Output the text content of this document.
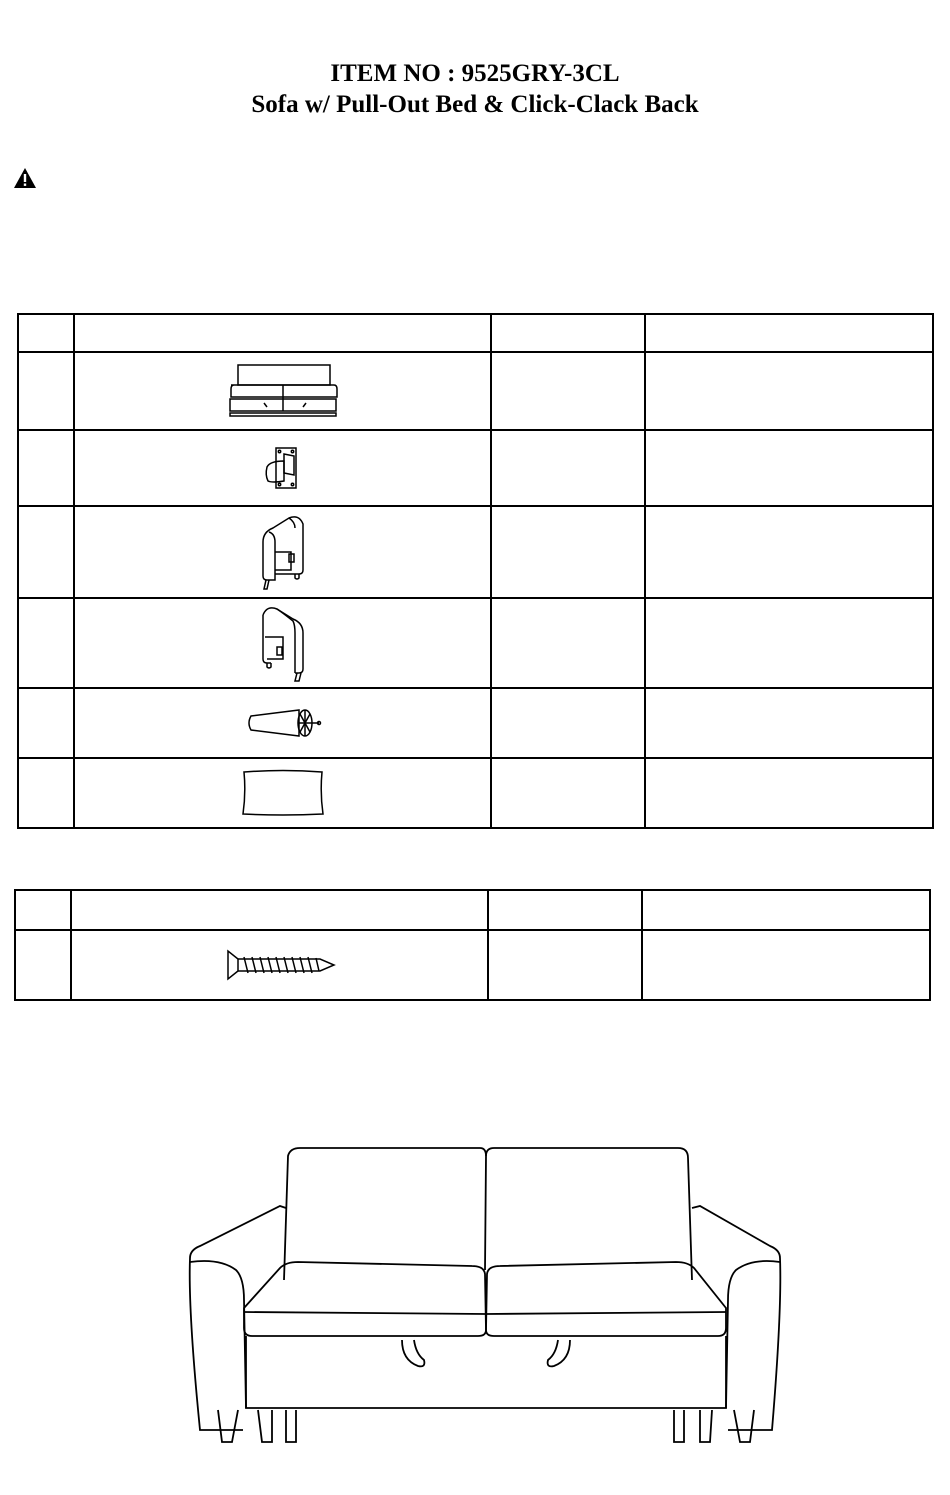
ITEM NO : 9525GRY-3CL
Sofa w/ Pull-Out Bed & Click-Clack Back
